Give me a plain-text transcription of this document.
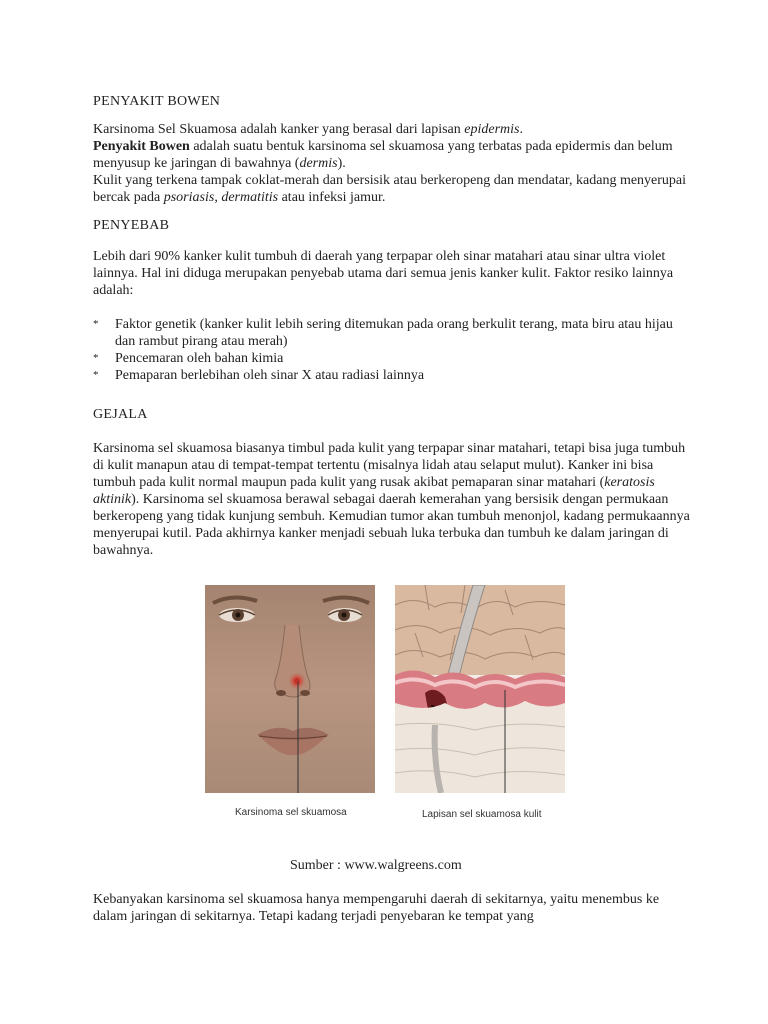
PENYAKIT BOWEN

Karsinoma Sel Skuamosa adalah kanker yang berasal dari lapisan epidermis.
Penyakit Bowen adalah suatu bentuk karsinoma sel skuamosa yang terbatas pada epidermis dan belum menyusup ke jaringan di bawahnya (dermis).
Kulit yang terkena tampak coklat-merah dan bersisik atau berkeropeng dan mendatar, kadang menyerupai bercak pada psoriasis, dermatitis atau infeksi jamur.

PENYEBAB

Lebih dari 90% kanker kulit tumbuh di daerah yang terpapar oleh sinar matahari atau sinar ultra violet lainnya. Hal ini diduga merupakan penyebab utama dari semua jenis kanker kulit. Faktor resiko lainnya adalah:

* Faktor genetik (kanker kulit lebih sering ditemukan pada orang berkulit terang, mata biru atau hijau dan rambut pirang atau merah)
* Pencemaran oleh bahan kimia
* Pemaparan berlebihan oleh sinar X atau radiasi lainnya

GEJALA

Karsinoma sel skuamosa biasanya timbul pada kulit yang terpapar sinar matahari, tetapi bisa juga tumbuh di kulit manapun atau di tempat-tempat tertentu (misalnya lidah atau selaput mulut). Kanker ini bisa tumbuh pada kulit normal maupun pada kulit yang rusak akibat pemaparan sinar matahari (keratosis aktinik). Karsinoma sel skuamosa berawal sebagai daerah kemerahan yang bersisik dengan permukaan berkeropeng yang tidak kunjung sembuh. Kemudian tumor akan tumbuh menonjol, kadang permukaannya menyerupai kutil. Pada akhirnya kanker menjadi sebuah luka terbuka dan tumbuh ke dalam jaringan di bawahnya.

Karsinoma sel skuamosa	Lapisan sel skuamosa kulit

Sumber : www.walgreens.com

Kebanyakan karsinoma sel skuamosa hanya mempengaruhi daerah di sekitarnya, yaitu menembus ke dalam jaringan di sekitarnya. Tetapi kadang terjadi penyebaran ke tempat yang
